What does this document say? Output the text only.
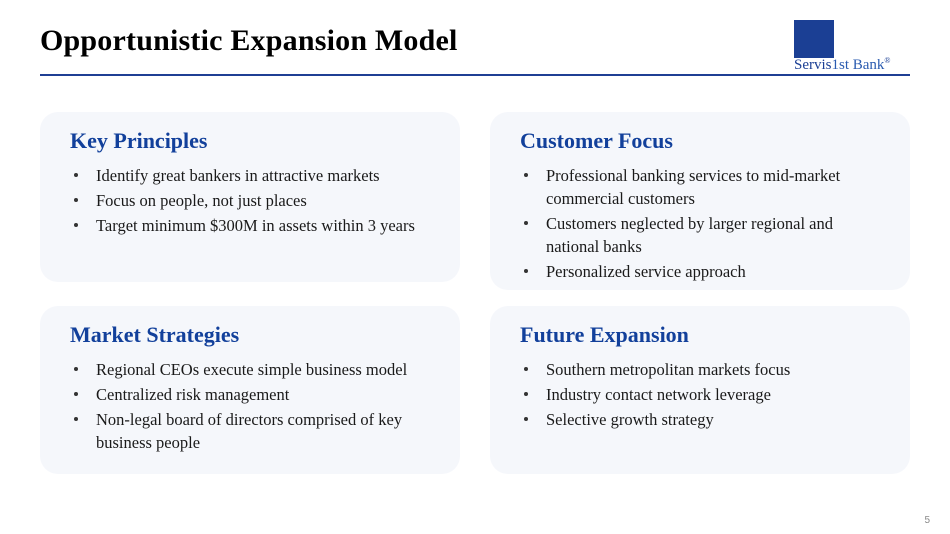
Opportunistic Expansion Model
Servis1st Bank®
Key Principles
Identify great bankers in attractive markets
Focus on people, not just places
Target minimum $300M in assets within 3 years
Customer Focus
Professional banking services to mid-market commercial customers
Customers neglected by larger regional and national banks
Personalized service approach
Market Strategies
Regional CEOs execute simple business model
Centralized risk management
Non-legal board of directors comprised of key business people
Future Expansion
Southern metropolitan markets focus
Industry contact network leverage
Selective growth strategy
5
